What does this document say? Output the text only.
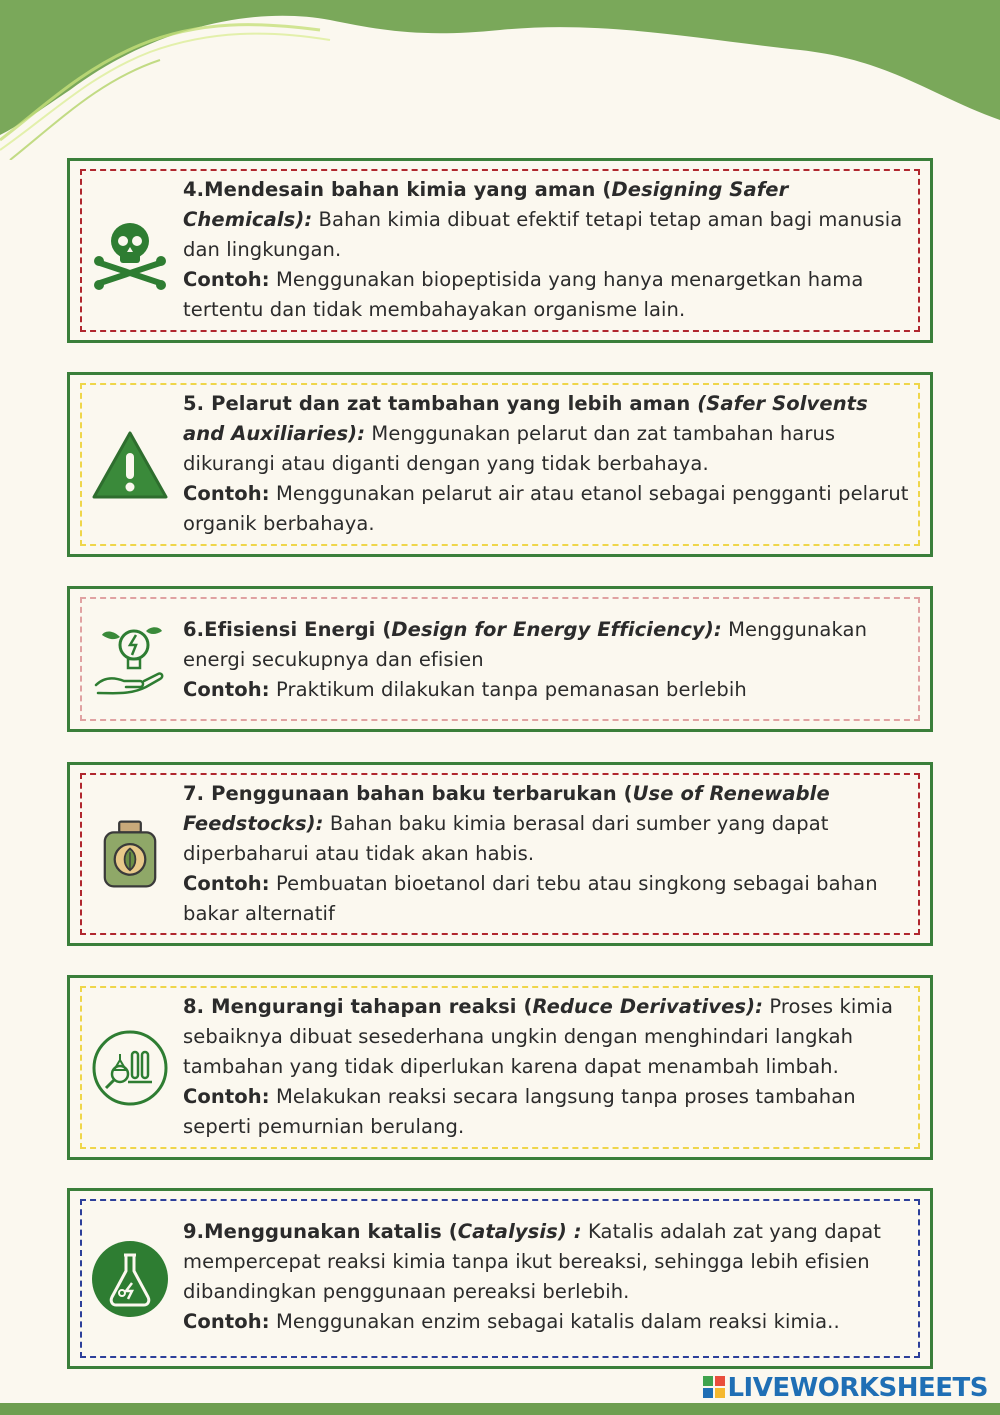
4.Mendesain bahan kimia yang aman (Designing Safer Chemicals): Bahan kimia dibuat efektif tetapi tetap aman bagi manusia dan lingkungan.
Contoh: Menggunakan biopeptisida yang hanya menargetkan hama tertentu dan tidak membahayakan organisme lain.
5. Pelarut dan zat tambahan yang lebih aman (Safer Solvents and Auxiliaries): Menggunakan pelarut dan zat tambahan harus dikurangi atau diganti dengan yang tidak berbahaya.
Contoh: Menggunakan pelarut air atau etanol sebagai pengganti pelarut organik berbahaya.
6.Efisiensi Energi (Design for Energy Efficiency): Menggunakan energi secukupnya dan efisien
Contoh: Praktikum dilakukan tanpa pemanasan berlebih
7. Penggunaan bahan baku terbarukan (Use of Renewable Feedstocks): Bahan baku kimia berasal dari sumber yang dapat diperbaharui atau tidak akan habis.
Contoh: Pembuatan bioetanol dari tebu atau singkong sebagai bahan bakar alternatif
8. Mengurangi tahapan reaksi (Reduce Derivatives): Proses kimia sebaiknya dibuat sesederhana ungkin dengan menghindari langkah tambahan yang tidak diperlukan karena dapat menambah limbah.
Contoh: Melakukan reaksi secara langsung tanpa proses tambahan seperti pemurnian berulang.
9.Menggunakan katalis (Catalysis) : Katalis adalah zat yang dapat mempercepat reaksi kimia tanpa ikut bereaksi, sehingga lebih efisien dibandingkan penggunaan pereaksi berlebih.
Contoh: Menggunakan enzim sebagai katalis dalam reaksi kimia..
LIVEWORKSHEETS
